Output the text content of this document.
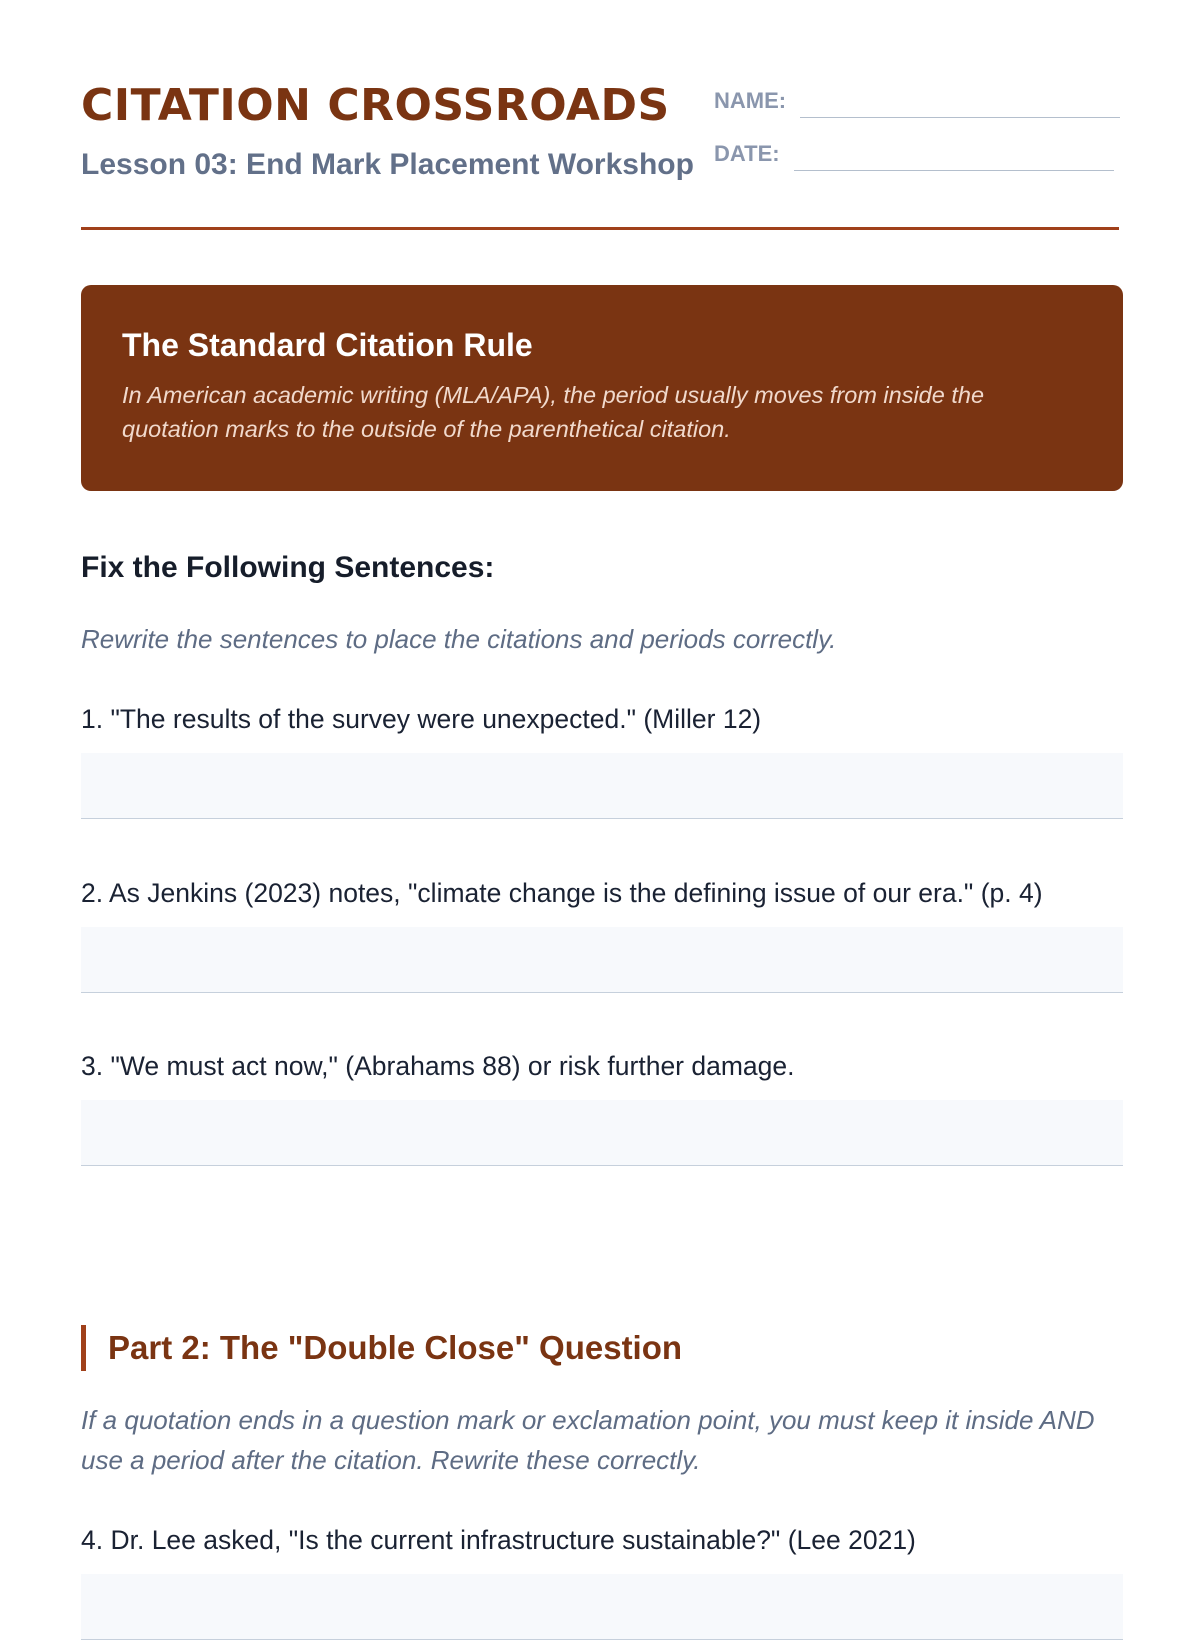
CITATION CROSSROADS
Lesson 03: End Mark Placement Workshop
NAME:
DATE:
The Standard Citation Rule
In American academic writing (MLA/APA), the period usually moves from inside the quotation marks to the outside of the parenthetical citation.
Fix the Following Sentences:
Rewrite the sentences to place the citations and periods correctly.
1. "The results of the survey were unexpected." (Miller 12)
2. As Jenkins (2023) notes, "climate change is the defining issue of our era." (p. 4)
3. "We must act now," (Abrahams 88) or risk further damage.
Part 2: The "Double Close" Question
If a quotation ends in a question mark or exclamation point, you must keep it inside AND use a period after the citation. Rewrite these correctly.
4. Dr. Lee asked, "Is the current infrastructure sustainable?" (Lee 2021)
